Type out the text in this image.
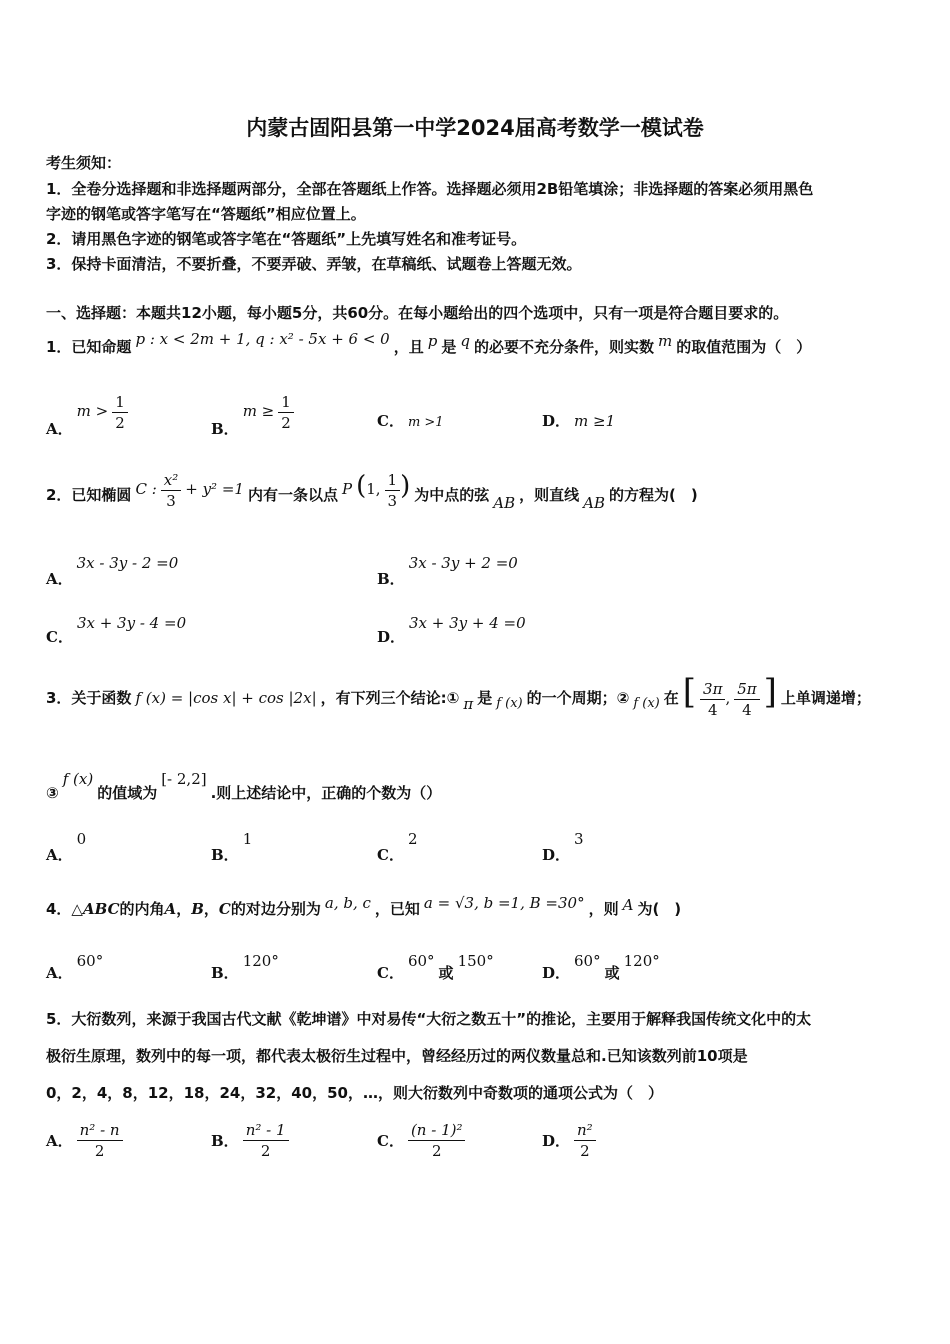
内蒙古固阳县第一中学2024届高考数学一模试卷
考生须知：
1．全卷分选择题和非选择题两部分，全部在答题纸上作答。选择题必须用2B铅笔填涂；非选择题的答案必须用黑色
字迹的钢笔或答字笔写在“答题纸”相应位置上。
2．请用黑色字迹的钢笔或答字笔在“答题纸”上先填写姓名和准考证号。
3．保持卡面清洁，不要折叠，不要弄破、弄皱，在草稿纸、试题卷上答题无效。
一、选择题：本题共12小题，每小题5分，共60分。在每小题给出的四个选项中，只有一项是符合题目要求的。
1．已知命题 p : x < 2m + 1, q : x² - 5x + 6 < 0 ，且 p 是 q 的必要不充分条件，则实数 m 的取值范围为（　）
A． $m > \frac{1}{2}$	B． $m \ge \frac{1}{2}$	C． m >1	D． m ≥1
2．已知椭圆 C : $\frac{\text{x²}}{3} + y^2 =1$ 内有一条以点 P (1, $\frac{1}{3}$ ) 为中点的弦 AB ，则直线 AB 的方程为(　)
A． 3x - 3y - 2 =0
B． 3x - 3y + 2 =0
C． 3x + 3y - 4 =0
D． 3x + 3y + 4 =0
3．关于函数 f (x) = |cos x| + cos |2x| ，有下列三个结论:① π 是 $_{f (x)}$ 的一个周期；② $_{f (x)}$ 在 [ $\frac{3\pi}{4}$ , $\frac{5\pi}{4}$ ] 上单调递增；
③ f (x) 的值域为 [- 2,2] .则上述结论中，正确的个数为（）
A． 0
B． 1
C． 2
D． 3
4．△ABC的内角A，B，C的对边分别为 a, b, c ，已知 a = √3, b =1, B =30° ，则 A 为(　)
A． 60°
B． 120°
C． 60° 或 150°
D． 60° 或 120°
5．大衍数列，来源于我国古代文献《乾坤谱》中对易传“大衍之数五十”的推论，主要用于解释我国传统文化中的太
极衍生原理，数列中的每一项，都代表太极衍生过程中，曾经经历过的两仪数量总和.已知该数列前10项是
0，2，4，8，12，18，24，32，40，50，…，则大衍数列中奇数项的通项公式为（　）
A． $\frac{\text{n² - n}}{2}$	B． $\frac{\text{n² - 1}}{2}$	C． $\frac{\text{(n - 1)²}}{2}$	D． $\frac{\text{n²}}{2}$
